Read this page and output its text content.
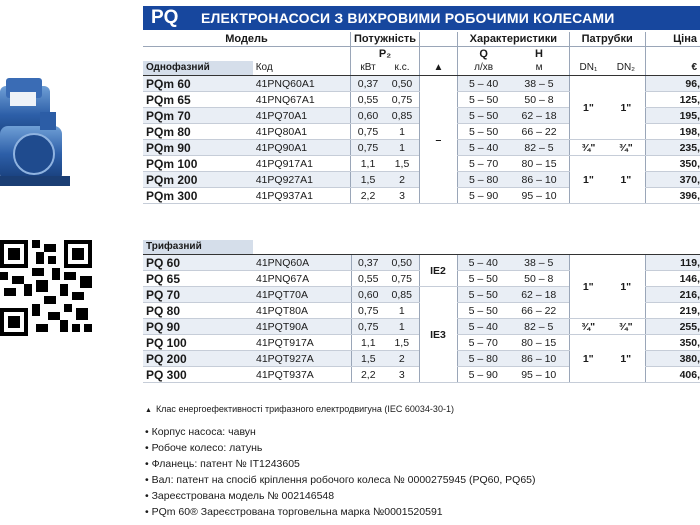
PQ	ЕЛЕКТРОНАСОСИ З ВИХРОВИМИ РОБОЧИМИ КОЛЕСАМИ
Модель		Потужність			Характеристики		Патрубки		Ціна
		P₂			Q	H			
Однофазний	Код	кВт	к.с.	▲	л/хв	м	DN₁	DN₂	€
PQm 60	41PNQ60A1	0,37	0,50	–	5 – 40	38 – 5	1"	1"	96,
PQm 65	41PNQ67A1	0,55	0,75		5 – 50	50 – 8			125,
PQm 70	41PQ70A1	0,60	0,85		5 – 50	62 – 18			195,
PQm 80	41PQ80A1	0,75	1		5 – 50	66 – 22			198,
PQm 90	41PQ90A1	0,75	1		5 – 40	82 – 5	¾"	¾"	235,
PQm 100	41PQ917A1	1,1	1,5		5 – 70	80 – 15	1"	1"	350,
PQm 200	41PQ927A1	1,5	2		5 – 80	86 – 10			370,
PQm 300	41PQ937A1	2,2	3		5 – 90	95 – 10			396,
Трифазний									
PQ 60	41PNQ60A	0,37	0,50	IE2	5 – 40	38 – 5	1"	1"	119,
PQ 65	41PNQ67A	0,55	0,75		5 – 50	50 – 8			146,
PQ 70	41PQT70A	0,60	0,85	IE3	5 – 50	62 – 18			216,
PQ 80	41PQT80A	0,75	1		5 – 50	66 – 22			219,
PQ 90	41PQT90A	0,75	1		5 – 40	82 – 5	¾"	¾"	255,
PQ 100	41PQT917A	1,1	1,5		5 – 70	80 – 15	1"	1"	350,
PQ 200	41PQT927A	1,5	2		5 – 80	86 – 10			380,
PQ 300	41PQT937A	2,2	3		5 – 90	95 – 10			406,
▲ Клас енергоефективності трифазного електродвигуна (IEC 60034-30-1)
• Корпус насоса: чавун
• Робоче колесо: латунь
• Фланець: патент № IT1243605
• Вал: патент на спосіб кріплення робочого колеса № 0000275945 (PQ60, PQ65)
• Зареєстрована модель № 002146548
• PQm 60® Зареєстрована торговельна марка №0001520591
